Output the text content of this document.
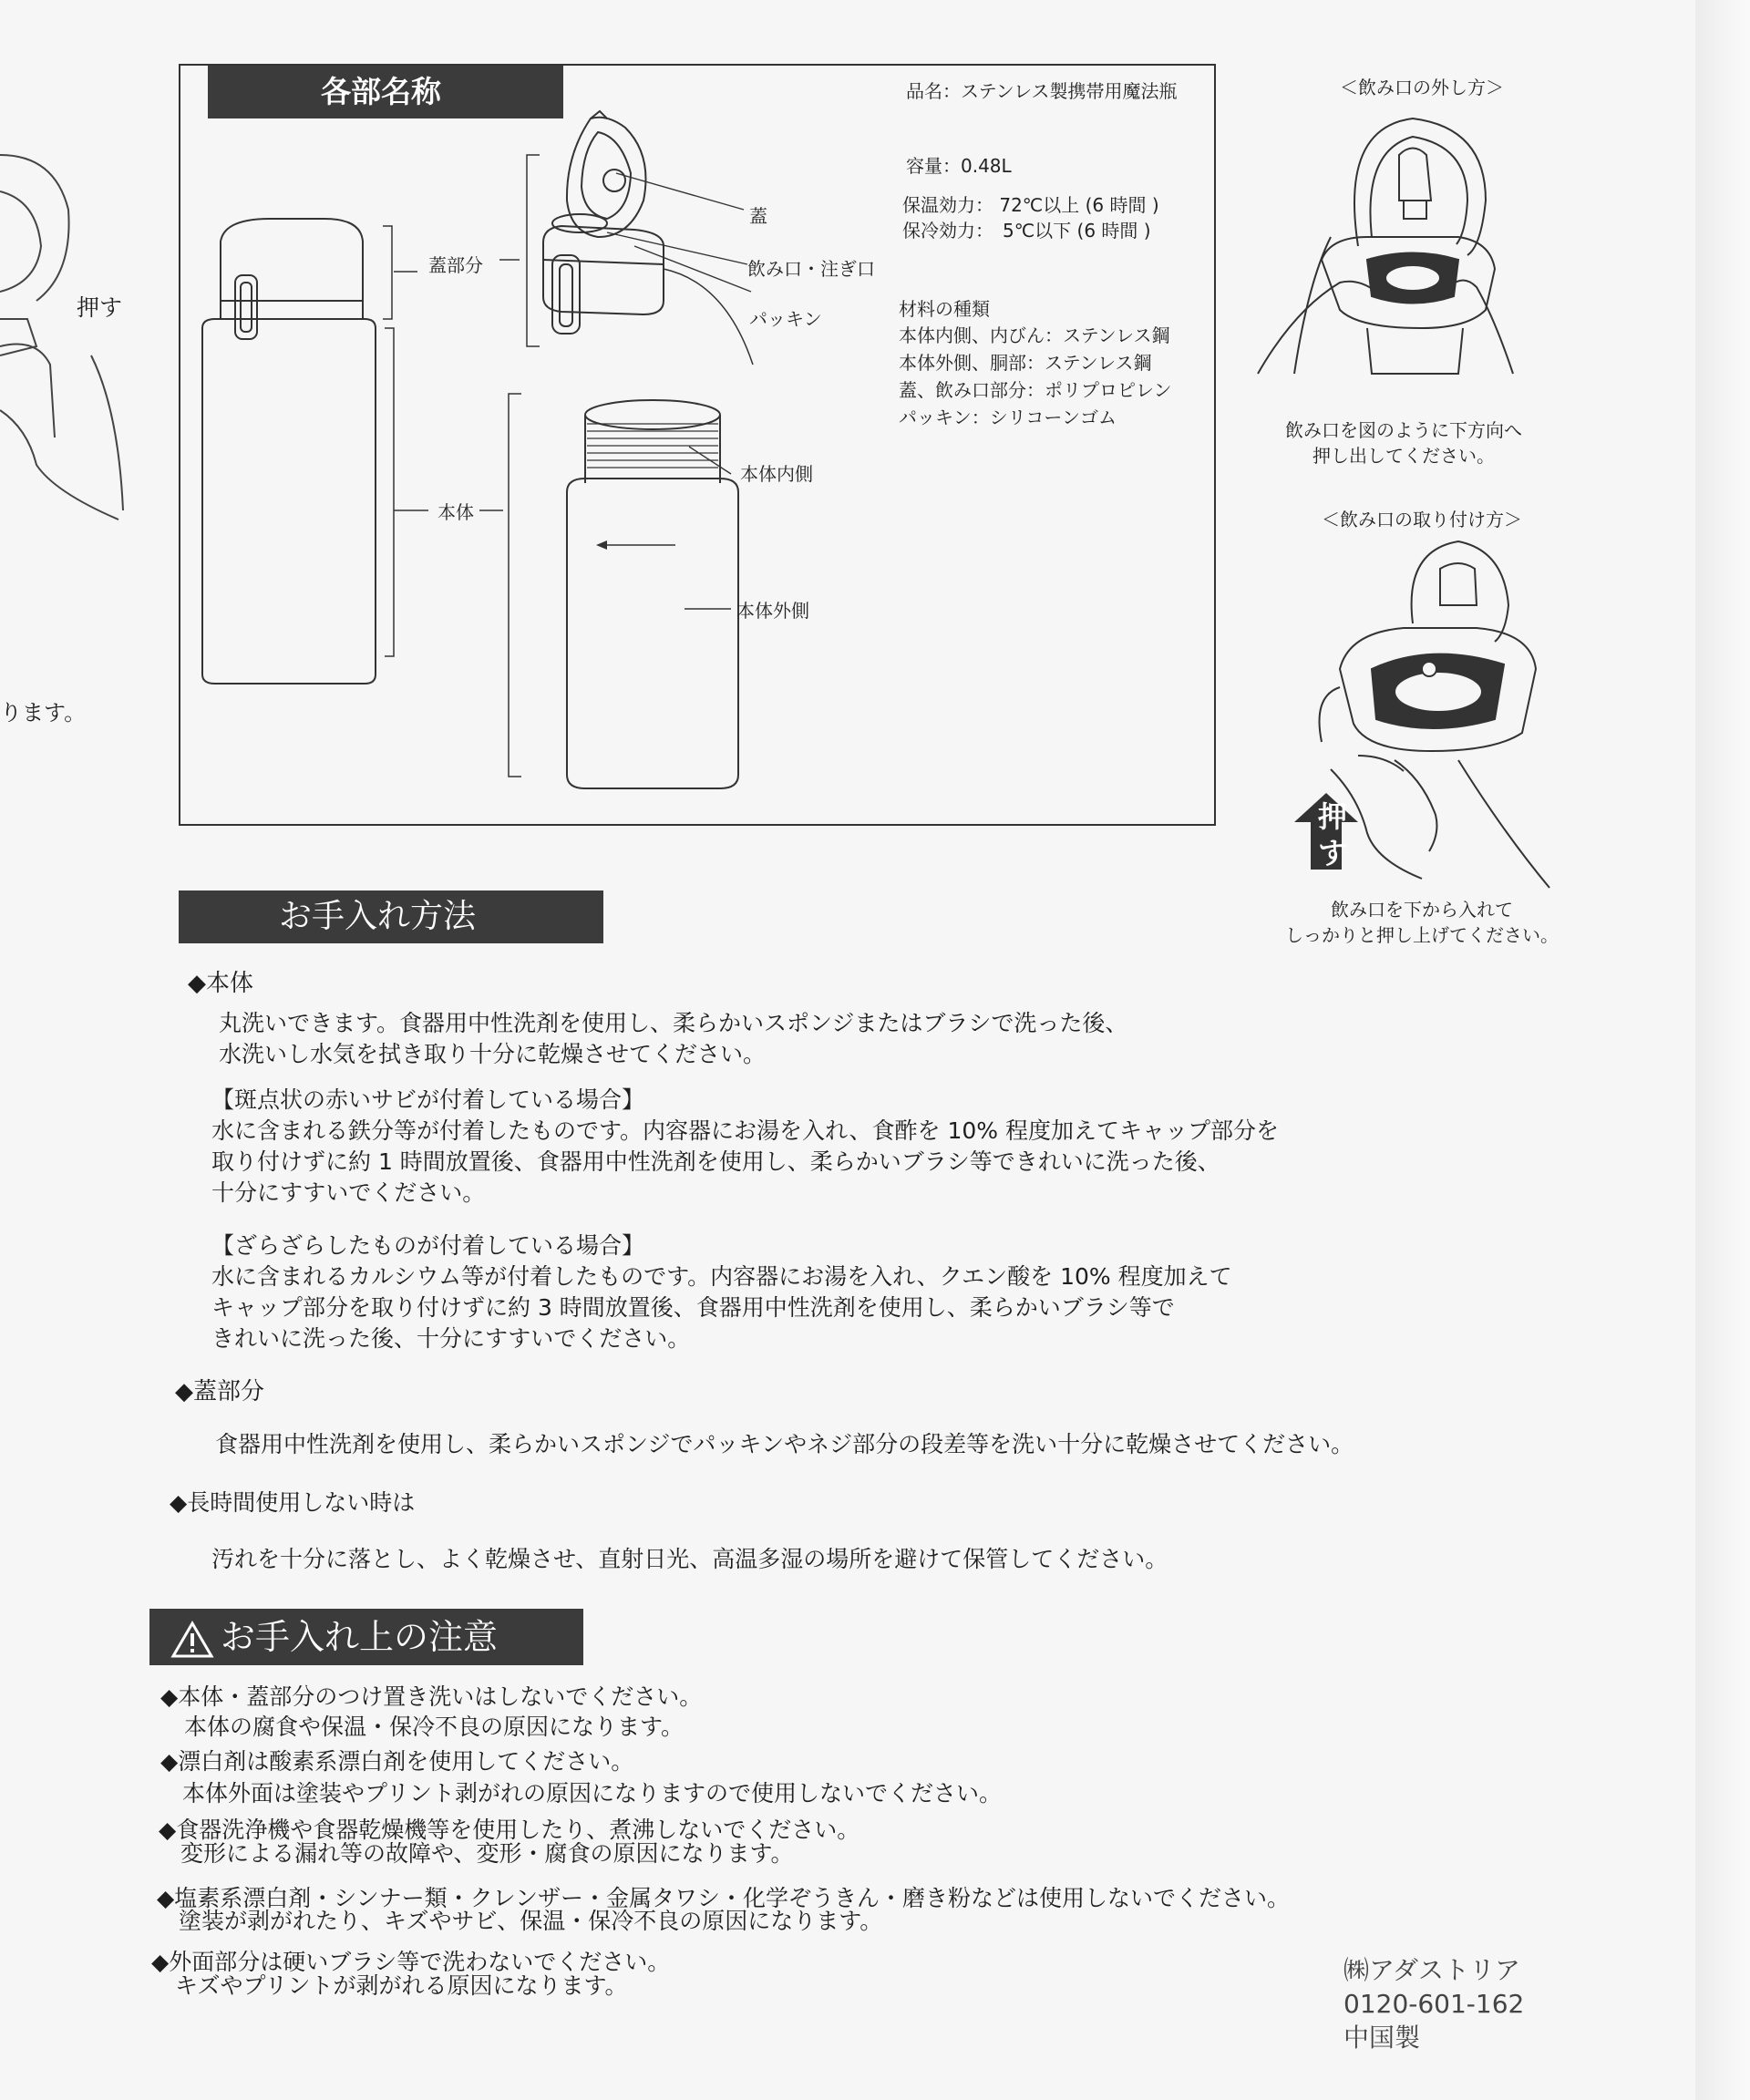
押す
ります。
各部名称
蓋部分
本体
蓋
飲み口・注ぎ口
パッキン
本体内側
本体外側
品名：ステンレス製携帯用魔法瓶
容量：0.48L
保温効力： 72℃以上 (6 時間 )
保冷効力：　5℃以下 (6 時間 )
材料の種類
本体内側、内びん：ステンレス鋼
本体外側、胴部：ステンレス鋼
蓋、飲み口部分：ポリプロピレン
パッキン：シリコーンゴム
＜飲み口の外し方＞
飲み口を図のように下方向へ
押し出してください。
＜飲み口の取り付け方＞
押す
飲み口を下から入れて
しっかりと押し上げてください。
お手入れ方法
◆本体
丸洗いできます。食器用中性洗剤を使用し、柔らかいスポンジまたはブラシで洗った後、
水洗いし水気を拭き取り十分に乾燥させてください。
【斑点状の赤いサビが付着している場合】
水に含まれる鉄分等が付着したものです。内容器にお湯を入れ、食酢を 10% 程度加えてキャップ部分を
取り付けずに約 1 時間放置後、食器用中性洗剤を使用し、柔らかいブラシ等できれいに洗った後、
十分にすすいでください。
【ざらざらしたものが付着している場合】
水に含まれるカルシウム等が付着したものです。内容器にお湯を入れ、クエン酸を 10% 程度加えて
キャップ部分を取り付けずに約 3 時間放置後、食器用中性洗剤を使用し、柔らかいブラシ等で
きれいに洗った後、十分にすすいでください。
◆蓋部分
食器用中性洗剤を使用し、柔らかいスポンジでパッキンやネジ部分の段差等を洗い十分に乾燥させてください。
◆長時間使用しない時は
汚れを十分に落とし、よく乾燥させ、直射日光、高温多湿の場所を避けて保管してください。
お手入れ上の注意
◆本体・蓋部分のつけ置き洗いはしないでください。
本体の腐食や保温・保冷不良の原因になります。
◆漂白剤は酸素系漂白剤を使用してください。
本体外面は塗装やプリント剥がれの原因になりますので使用しないでください。
◆食器洗浄機や食器乾燥機等を使用したり、煮沸しないでください。
変形による漏れ等の故障や、変形・腐食の原因になります。
◆塩素系漂白剤・シンナー類・クレンザー・金属タワシ・化学ぞうきん・磨き粉などは使用しないでください。
塗装が剥がれたり、キズやサビ、保温・保冷不良の原因になります。
◆外面部分は硬いブラシ等で洗わないでください。
キズやプリントが剥がれる原因になります。
㈱アダストリア
0120-601-162
中国製
